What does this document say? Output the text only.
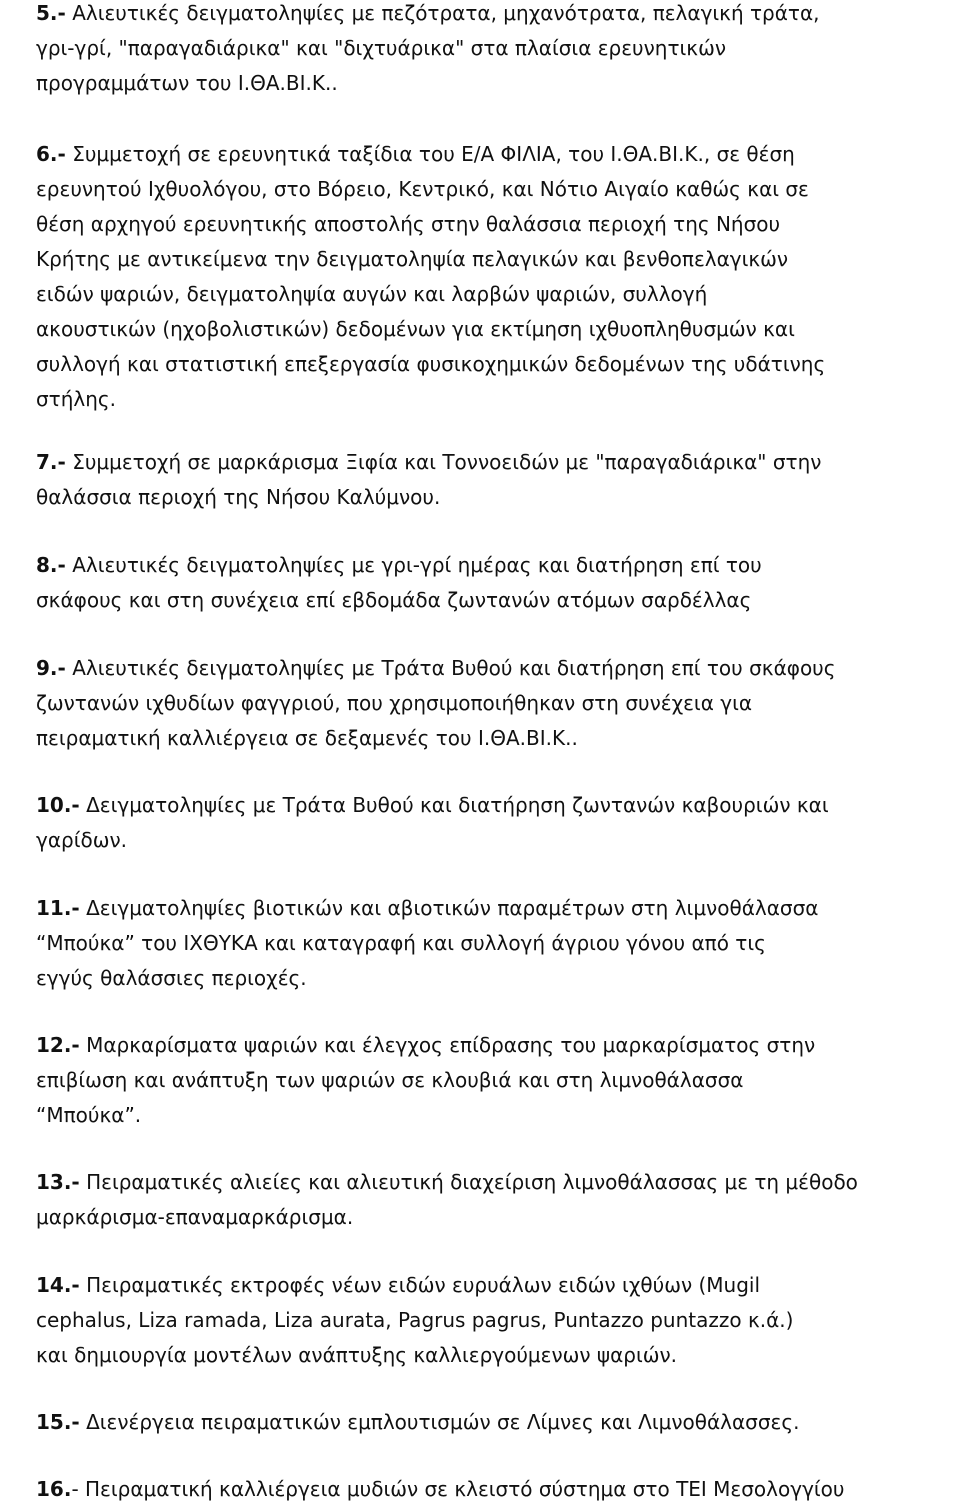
5.- Αλιευτικές δειγματοληψίες με πεζότρατα, μηχανότρατα, πελαγική τράτα,
γρι-γρί, "παραγαδιάρικα" και "διχτυάρικα" στα πλαίσια ερευνητικών
προγραμμάτων του Ι.ΘΑ.ΒΙ.Κ..

6.- Συμμετοχή σε ερευνητικά ταξίδια του Ε/Α ΦΙΛΙΑ, του Ι.ΘΑ.ΒΙ.Κ., σε θέση
ερευνητού Ιχθυολόγου, στο Βόρειο, Κεντρικό, και Νότιο Αιγαίο καθώς και σε
θέση αρχηγού ερευνητικής αποστολής στην θαλάσσια περιοχή της Νήσου
Κρήτης με αντικείμενα την δειγματοληψία πελαγικών και βενθοπελαγικών
ειδών ψαριών, δειγματοληψία αυγών και λαρβών ψαριών, συλλογή
ακουστικών (ηχοβολιστικών) δεδομένων για εκτίμηση ιχθυοπληθυσμών και
συλλογή και στατιστική επεξεργασία φυσικοχημικών δεδομένων της υδάτινης
στήλης.

7.- Συμμετοχή σε μαρκάρισμα Ξιφία και Τοννοειδών με "παραγαδιάρικα" στην
θαλάσσια περιοχή της Νήσου Καλύμνου.

8.- Αλιευτικές δειγματοληψίες με γρι-γρί ημέρας και διατήρηση επί του
σκάφους και στη συνέχεια επί εβδομάδα ζωντανών ατόμων σαρδέλλας

9.- Αλιευτικές δειγματοληψίες με Τράτα Βυθού και διατήρηση επί του σκάφους
ζωντανών ιχθυδίων φαγγριού, που χρησιμοποιήθηκαν στη συνέχεια για
πειραματική καλλιέργεια σε δεξαμενές του Ι.ΘΑ.ΒΙ.Κ..

10.- Δειγματοληψίες με Τράτα Βυθού και διατήρηση ζωντανών καβουριών και
γαρίδων.

11.- Δειγματοληψίες βιοτικών και αβιοτικών παραμέτρων στη λιμνοθάλασσα
“Μπούκα” του ΙΧΘΥΚΑ και καταγραφή και συλλογή άγριου γόνου από τις
εγγύς θαλάσσιες περιοχές.

12.- Μαρκαρίσματα ψαριών και έλεγχος επίδρασης του μαρκαρίσματος στην
επιβίωση και ανάπτυξη των ψαριών σε κλουβιά και στη λιμνοθάλασσα
“Μπούκα”.

13.- Πειραματικές αλιείες και αλιευτική διαχείριση λιμνοθάλασσας με τη μέθοδο
μαρκάρισμα-επαναμαρκάρισμα.

14.- Πειραματικές εκτροφές νέων ειδών ευρυάλων ειδών ιχθύων (Mugil
cephalus, Liza ramada, Liza aurata, Pagrus pagrus, Puntazzo puntazzo κ.ά.)
και δημιουργία μοντέλων ανάπτυξης καλλιεργούμενων ψαριών.

15.- Διενέργεια πειραματικών εμπλουτισμών σε Λίμνες και Λιμνοθάλασσες.

16.- Πειραματική καλλιέργεια μυδιών σε κλειστό σύστημα στο ΤΕΙ Μεσολογγίου
